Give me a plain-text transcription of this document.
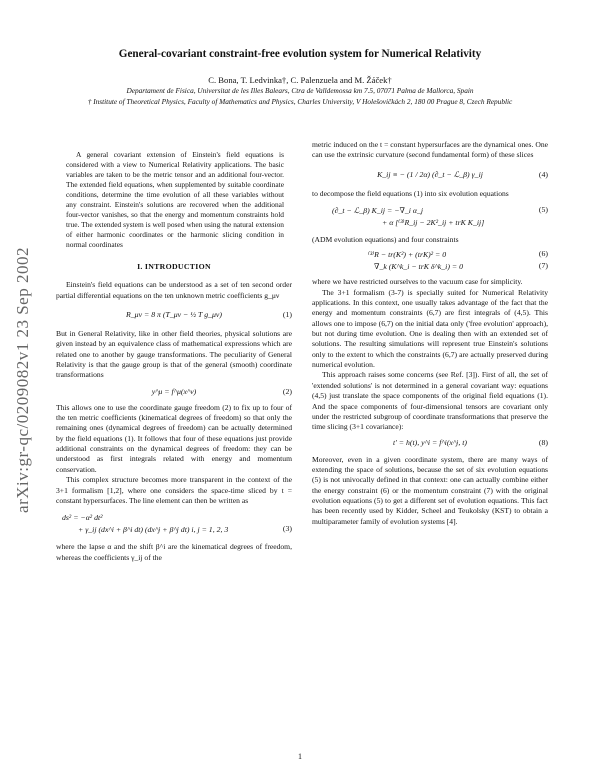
arXiv:gr-qc/0209082v1 23 Sep 2002
General-covariant constraint-free evolution system for Numerical Relativity
C. Bona, T. Ledvinka†, C. Palenzuela and M. Žáček†
Departament de Fisica, Universitat de les Illes Balears, Ctra de Valldemossa km 7.5, 07071 Palma de Mallorca, Spain
† Institute of Theoretical Physics, Faculty of Mathematics and Physics, Charles University, V Holešovičkách 2, 180 00 Prague 8, Czech Republic
A general covariant extension of Einstein's field equations is considered with a view to Numerical Relativity applications. The basic variables are taken to be the metric tensor and an additional four-vector. The extended field equations, when supplemented by suitable coordinate conditions, determine the time evolution of all these variables without any constraint. Einstein's solutions are recovered when the additional four-vector vanishes, so that the energy and momentum constraints hold true. The extended system is well posed when using the natural extension of either harmonic coordinates or the harmonic slicing condition in normal coordinates
I. INTRODUCTION

Einstein's field equations can be understood as a set of ten second order partial differential equations on the ten unknown metric coefficients g_μν

R_μν = 8 π (T_μν − ½ T g_μν)	(1)

But in General Relativity, like in other field theories, physical solutions are given instead by an equivalence class of mathematical expressions which are related one to another by gauge transformations. The peculiarity of General Relativity is that the gauge group is that of the general (smooth) coordinate transformations

y^μ = f^μ(x^ν)	(2)

This allows one to use the coordinate gauge freedom (2) to fix up to four of the ten metric coefficients (kinematical degrees of freedom) so that only the remaining ones (dynamical degrees of freedom) can be actually determined by the field equations (1). It follows that four of these equations just provide additional constraints on the dynamical degrees of freedom: they can be understood as first integrals related with energy and momentum conservation.

This complex structure becomes more transparent in the context of the 3+1 formalism [1,2], where one considers the space-time sliced by t = constant hypersurfaces. The line element can then be written as

ds² = −α² dt²
+ γ_ij (dx^i + β^i dt) (dx^j + β^j dt) i, j = 1, 2, 3	(3)

where the lapse α and the shift β^i are the kinematical degrees of freedom, whereas the coefficients γ_ij of the

metric induced on the t = constant hypersurfaces are the dynamical ones. One can use the extrinsic curvature (second fundamental form) of these slices

K_ij ≡ − (1 / 2α) (∂_t − ℒ_β) γ_ij	(4)

to decompose the field equations (1) into six evolution equations

(∂_t − ℒ_β) K_ij = −∇_i α_j
+ α [⁽³⁾R_ij − 2K²_ij + trK K_ij]
(5)

(ADM evolution equations) and four constraints

⁽³⁾R − tr(K²) + (trK)² = 0	(6)
∇_k (K^k_i − trK δ^k_i) = 0	(7)

where we have restricted ourselves to the vacuum case for simplicity.

The 3+1 formalism (3-7) is specially suited for Numerical Relativity applications. In this context, one usually takes advantage of the fact that the energy and momentum constraints (6,7) are first integrals of (4,5). This allows one to impose (6,7) on the initial data only ('free evolution' approach), but not during time evolution. One is dealing then with an extended set of solutions. The resulting simulations will represent true Einstein's solutions only to the extent to which the constraints (6,7) are actually preserved during numerical evolution.

This approach raises some concerns (see Ref. [3]). First of all, the set of 'extended solutions' is not determined in a general covariant way: equations (4,5) just translate the space components of the original field equations (1). And the space components of four-dimensional tensors are covariant only under the restricted subgroup of coordinate transformations that preserve the time slicing (3+1 covariance):

t' = h(t), y^i = f^i(x^j, t)	(8)

Moreover, even in a given coordinate system, there are many ways of extending the space of solutions, because the set of six evolution equations (5) is not univocally defined in that context: one can actually combine either the energy constraint (6) or the momentum constraint (7) with the original evolution equations (5) to get a different set of evolution equations. This fact has been recently used by Kidder, Scheel and Teukolsky (KST) to obtain a multiparameter family of evolution systems [4].

1
